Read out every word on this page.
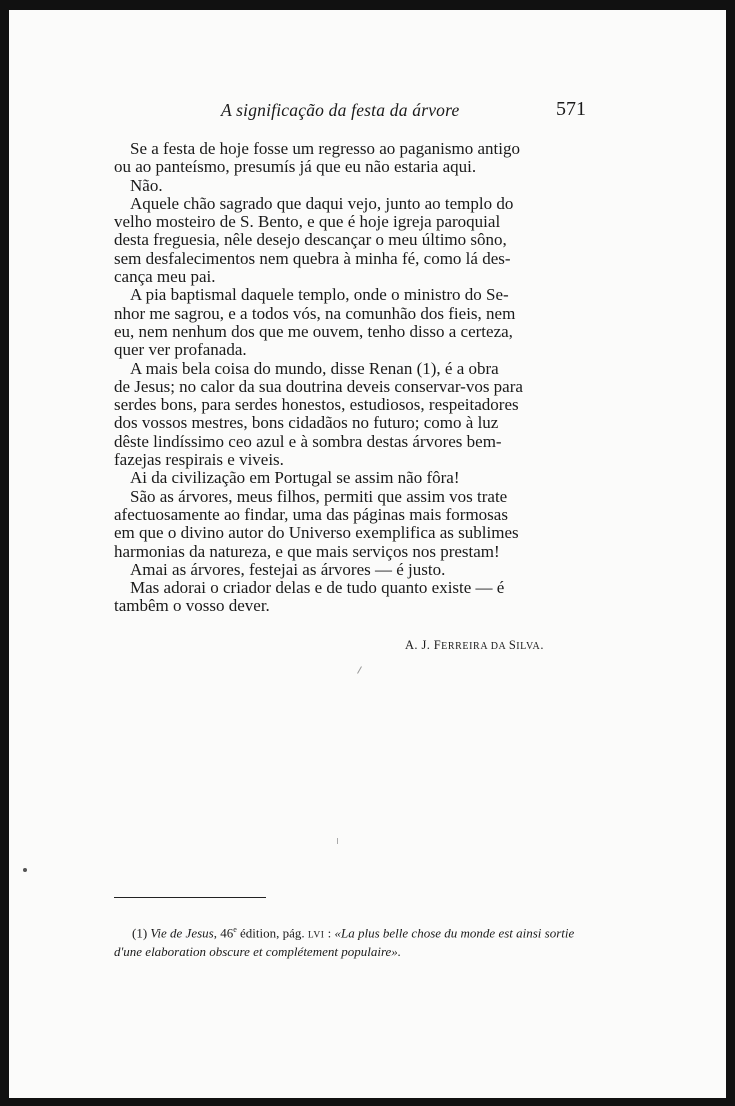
A significação da festa da árvore	571

Se a festa de hoje fosse um regresso ao paganismo antigo

ou ao panteísmo, presumís já que eu não estaria aqui.

Não.

Aquele chão sagrado que daqui vejo, junto ao templo do

velho mosteiro de S. Bento, e que é hoje igreja paroquial

desta freguesia, nêle desejo descançar o meu último sôno,

sem desfalecimentos nem quebra à minha fé, como lá des-

cança meu pai.

A pia baptismal daquele templo, onde o ministro do Se-

nhor me sagrou, e a todos vós, na comunhão dos fieis, nem

eu, nem nenhum dos que me ouvem, tenho disso a certeza,

quer ver profanada.

A mais bela coisa do mundo, disse Renan (1), é a obra

de Jesus; no calor da sua doutrina deveis conservar-vos para

serdes bons, para serdes honestos, estudiosos, respeitadores

dos vossos mestres, bons cidadãos no futuro; como à luz

dêste lindíssimo ceo azul e à sombra destas árvores bem-

fazejas respirais e viveis.

Ai da civilização em Portugal se assim não fôra!

São as árvores, meus filhos, permiti que assim vos trate

afectuosamente ao findar, uma das páginas mais formosas

em que o divino autor do Universo exemplifica as sublimes

harmonias da natureza, e que mais serviços nos prestam!

Amai as árvores, festejai as árvores — é justo.

Mas adorai o criador delas e de tudo quanto existe — é

tambêm o vosso dever.

A. J. FERREIRA DA SILVA.
(1) Vie de Jesus, 46e édition, pág. LVI : «La plus belle chose du monde est ainsi sortie d'une elaboration obscure et complétement populaire».
